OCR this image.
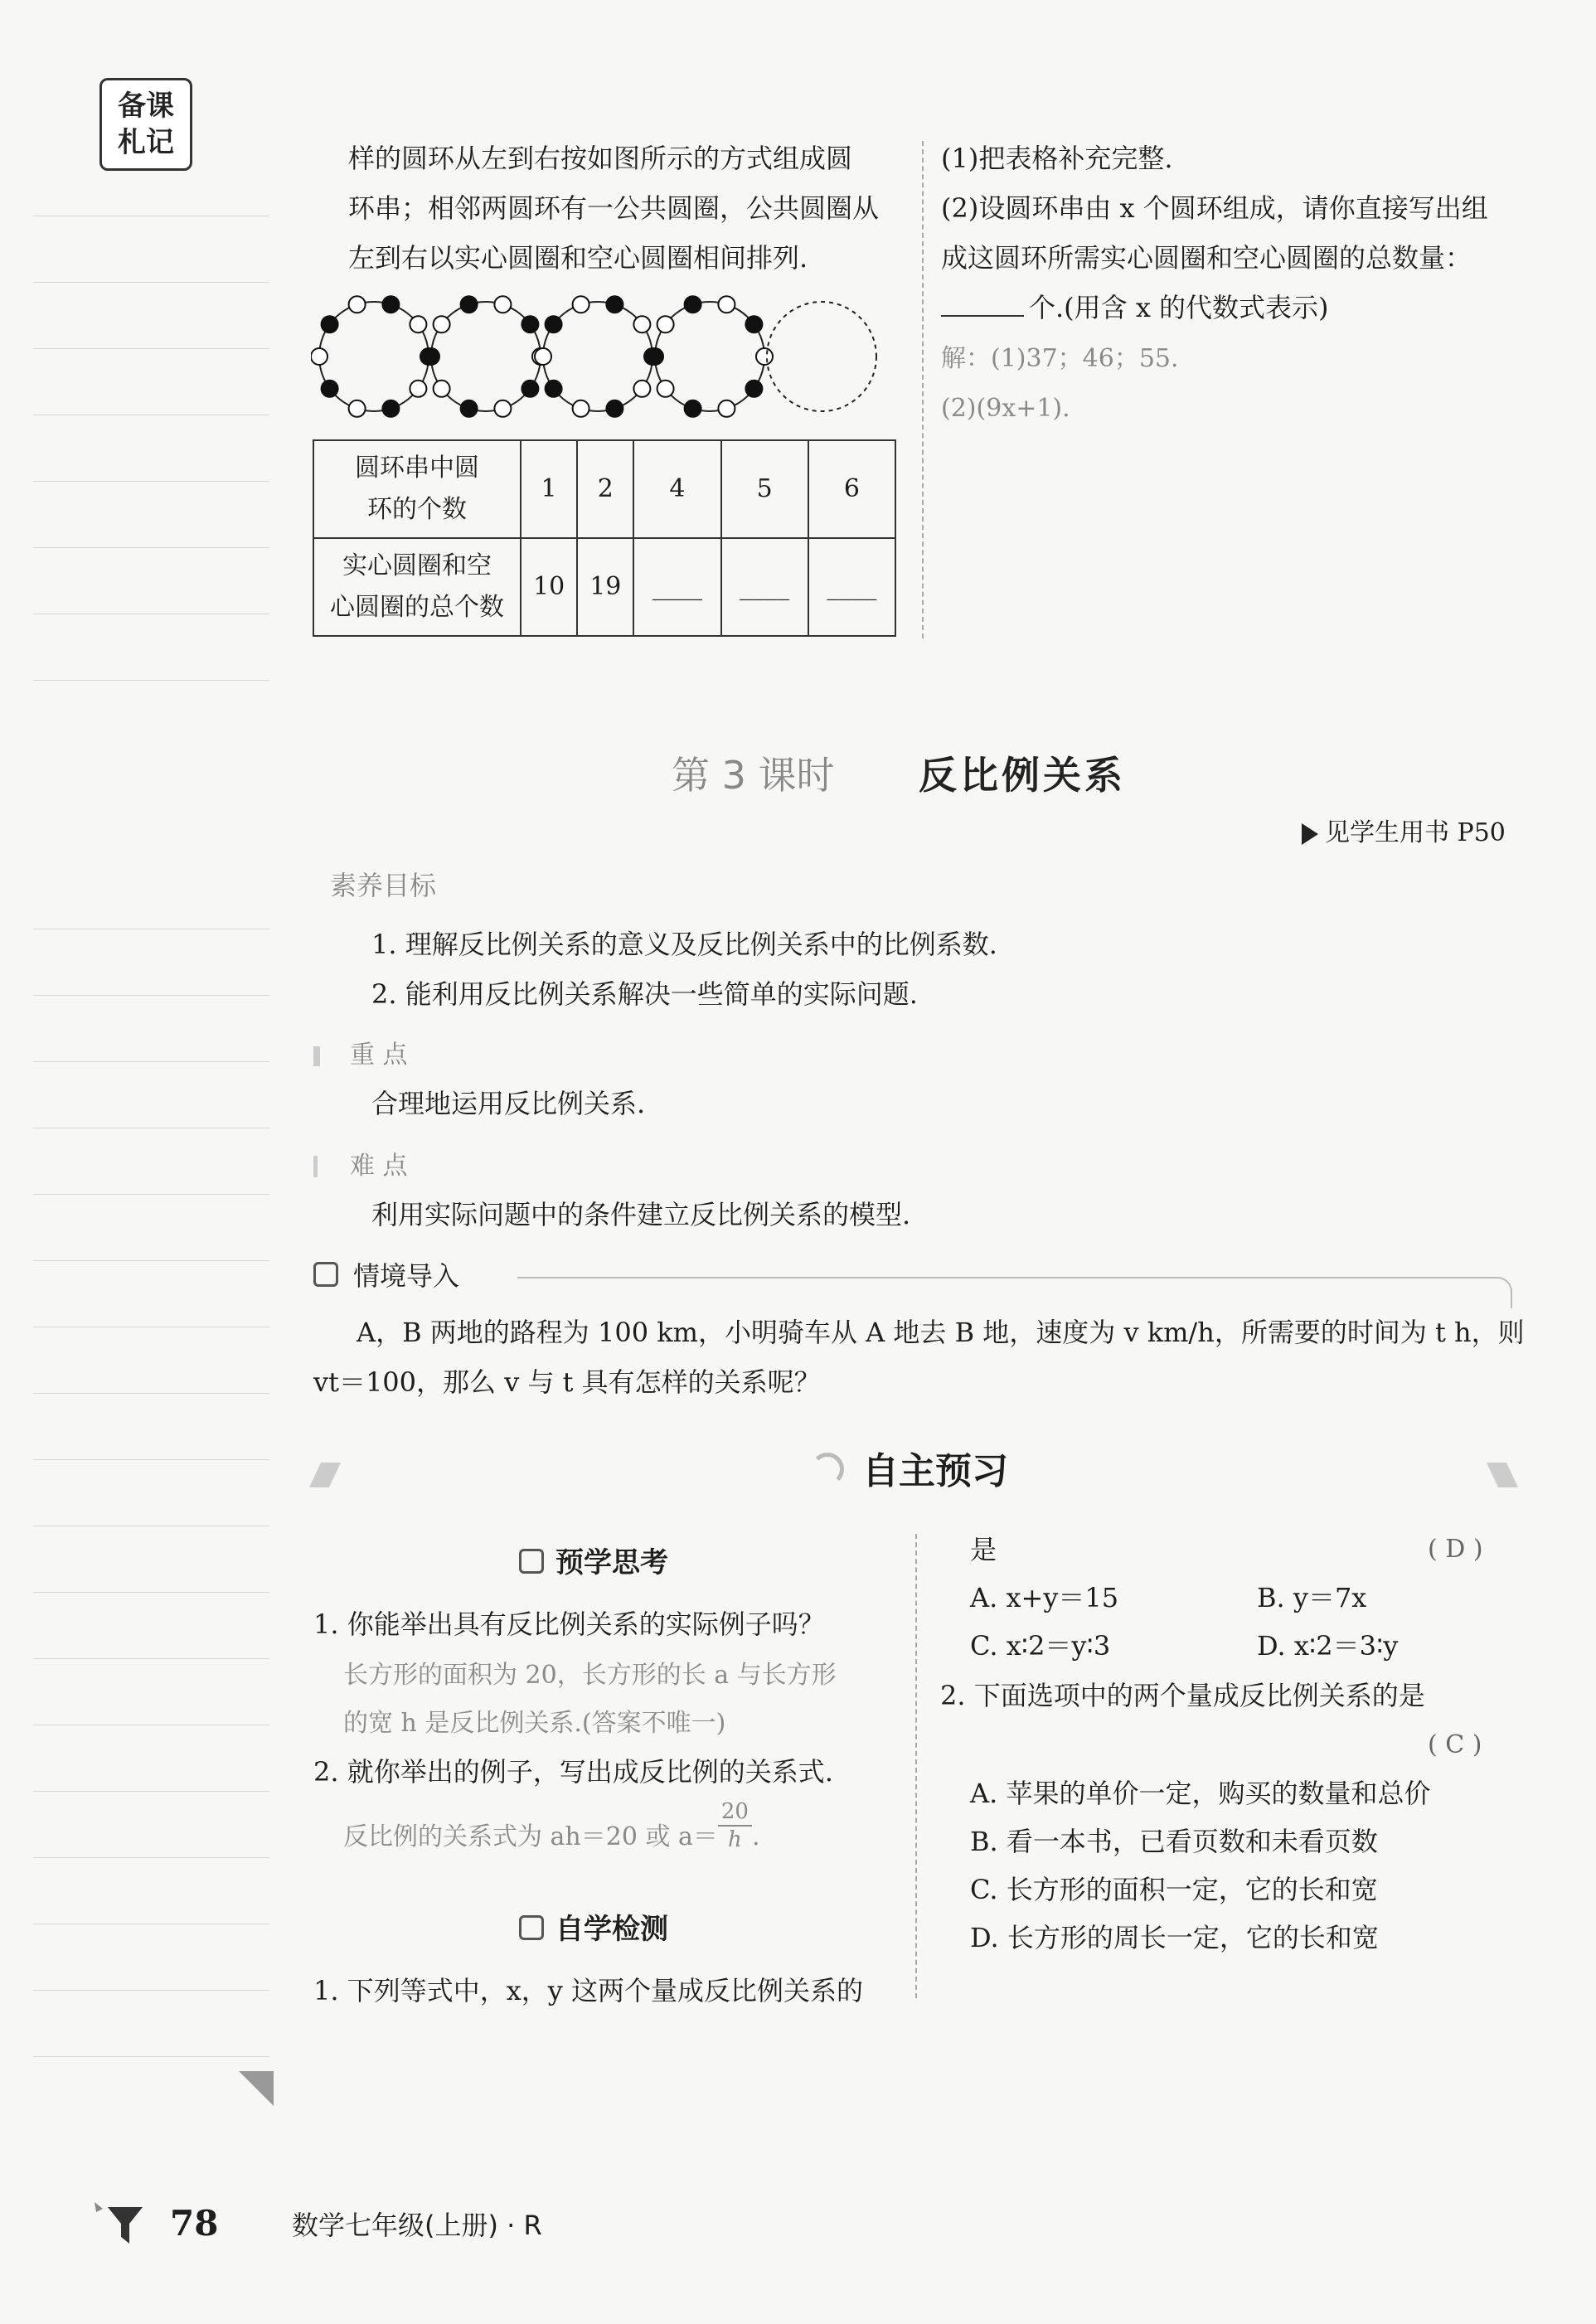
备课
札记	样的圆环从左到右按如图所示的方式组成圆
环串；相邻两圆环有一公共圆圈，公共圆圈从
左到右以实心圆圈和空心圆圈相间排列.
圆环串中圆
环的个数	1	2	4	5	6

实心圆圈和空
心圆圈的总个数	10	19	____	____	____
(1)把表格补充完整.
(2)设圆环串由 x 个圆环组成，请你直接写出组
成这圆环所需实心圆圈和空心圆圈的总数量：
个.(用含 x 的代数式表示)
解：(1)37；46；55.
(2)(9x+1).
第 3 课时 反比例关系
见学生用书 P50
素养目标
1. 理解反比例关系的意义及反比例关系中的比例系数.
2. 能利用反比例关系解决一些简单的实际问题.
重 点
合理地运用反比例关系.
难 点
利用实际问题中的条件建立反比例关系的模型.
情境导入
A，B 两地的路程为 100 km，小明骑车从 A 地去 B 地，速度为 v km/h，所需要的时间为 t h，则
vt＝100，那么 v 与 t 具有怎样的关系呢？
自主预习
预学思考
1. 你能举出具有反比例关系的实际例子吗？
长方形的面积为 20，长方形的长 a 与长方形
的宽 h 是反比例关系.(答案不唯一)
2. 就你举出的例子，写出成反比例的关系式.
反比例的关系式为 ah＝20 或 $a= \frac{20}{h}$ .
自学检测
1. 下列等式中，x，y 这两个量成反比例关系的
是	( D )
A. x+y＝15	B. y＝7x
C. x∶2＝y∶3	D. x∶2＝3∶y
2. 下面选项中的两个量成反比例关系的是
( C )
A. 苹果的单价一定，购买的数量和总价
B. 看一本书，已看页数和未看页数
C. 长方形的面积一定，它的长和宽
D. 长方形的周长一定，它的长和宽
78	数学七年级(上册) · R
